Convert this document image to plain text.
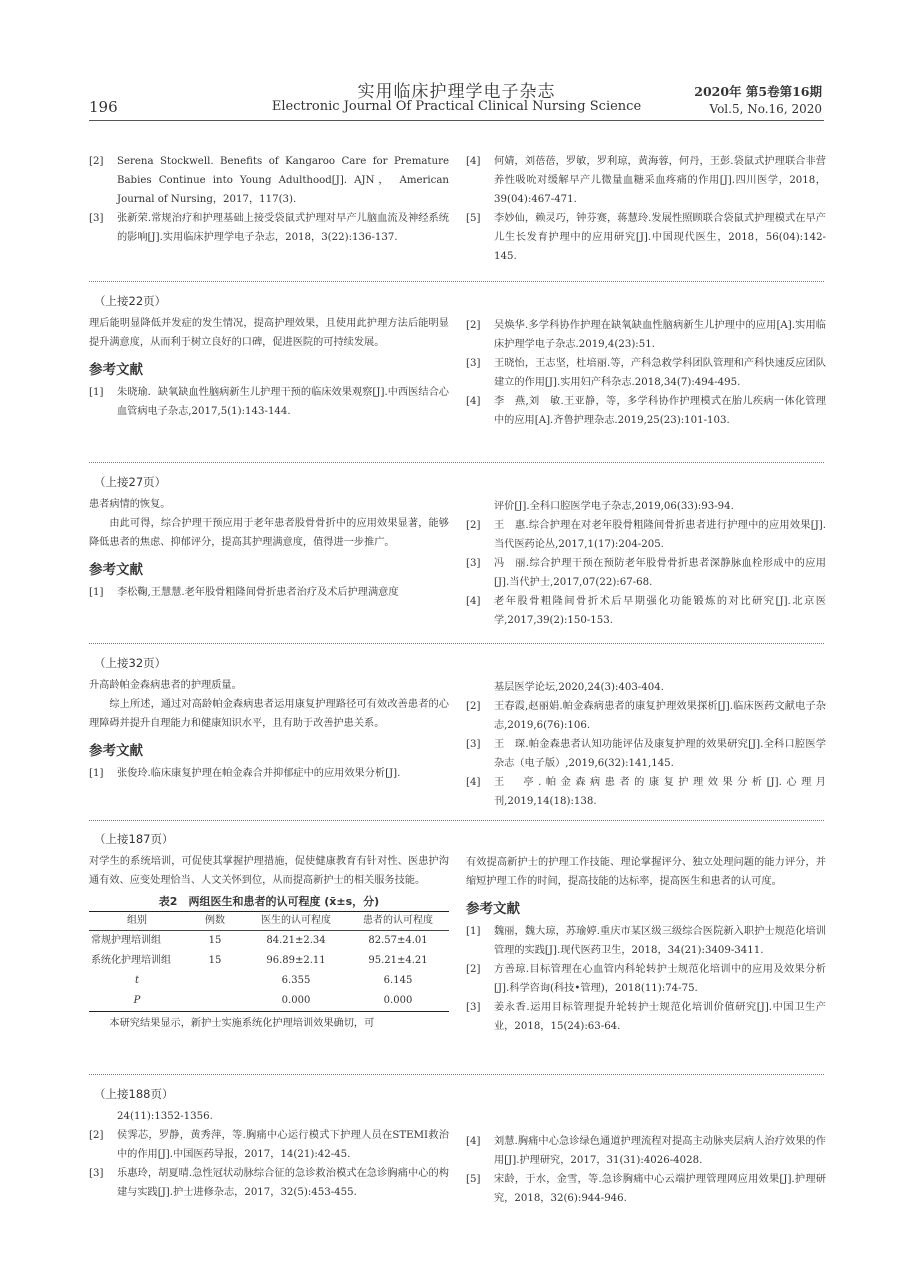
196
实用临床护理学电子杂志
Electronic Journal Of Practical Clinical Nursing Science
2020年 第5卷第16期
Vol.5, No.16, 2020
[2] Serena Stockwell. Benefits of Kangaroo Care for Premature Babies Continue into Young Adulthood[J]. AJN， American Journal of Nursing，2017，117(3).
[3] 张新荣.常规治疗和护理基础上接受袋鼠式护理对早产儿脑血流及神经系统的影响[J].实用临床护理学电子杂志，2018，3(22):136-137.
[4] 何婧，刘蓓蓓，罗敏，罗利琼，黄海蓉，何丹，王彭.袋鼠式护理联合非营养性吸吮对缓解早产儿微量血糖采血疼痛的作用[J].四川医学，2018，39(04):467-471.
[5] 李妙仙，赖灵巧，钟芬赛，蒋慧玲.发展性照顾联合袋鼠式护理模式在早产儿生长发育护理中的应用研究[J].中国现代医生，2018，56(04):142-145.
（上接22页）

理后能明显降低并发症的发生情况，提高护理效果，且使用此护理方法后能明显提升满意度，从而利于树立良好的口碑，促进医院的可持续发展。

参考文献
[1] 朱晓瑜．缺氧缺血性脑病新生儿护理干预的临床效果观察[J].中西医结合心血管病电子杂志,2017,5(1):143-144.
[2] 吴焕华.多学科协作护理在缺氧缺血性脑病新生儿护理中的应用[A].实用临床护理学电子杂志.2019,4(23):51.
[3] 王晓怡，王志坚，杜培丽.等，产科急救学科团队管理和产科快速反应团队建立的作用[J].实用妇产科杂志.2018,34(7):494-495.
[4] 李　燕,刘　敏.王亚静，等，多学科协作护理模式在胎儿疾病一体化管理中的应用[A].齐鲁护理杂志.2019,25(23):101-103.
（上接27页）

患者病情的恢复。

由此可得，综合护理干预应用于老年患者股骨骨折中的应用效果显著，能够降低患者的焦虑、抑郁评分，提高其护理满意度，值得进一步推广。

参考文献
[1] 李松鞠,王慧慧.老年股骨粗隆间骨折患者治疗及术后护理满意度

评价[J].全科口腔医学电子杂志,2019,06(33):93-94.

[2] 王　惠.综合护理在对老年股骨粗隆间骨折患者进行护理中的应用效果[J].当代医药论丛,2017,1(17):204-205.
[3] 冯　丽.综合护理干预在预防老年股骨骨折患者深静脉血栓形成中的应用[J].当代护士,2017,07(22):67-68.
[4] 老年股骨粗隆间骨折术后早期强化功能锻炼的对比研究[J].北京医学,2017,39(2):150-153.
（上接32页）

升高龄帕金森病患者的护理质量。

综上所述，通过对高龄帕金森病患者运用康复护理路径可有效改善患者的心理障碍并提升自理能力和健康知识水平，且有助于改善护患关系。

参考文献
[1] 张俊玲.临床康复护理在帕金森合并抑郁症中的应用效果分析[J].

基层医学论坛,2020,24(3):403-404.

[2] 王春霞,赵丽娟.帕金森病患者的康复护理效果探析[J].临床医药文献电子杂志,2019,6(76):106.
[3] 王　琛.帕金森患者认知功能评估及康复护理的效果研究[J].全科口腔医学杂志（电子版）,2019,6(32):141,145.
[4] 王　亭.帕金森病患者的康复护理效果分析[J].心理月刊,2019,14(18):138.
（上接187页）

对学生的系统培训，可促使其掌握护理措施，促使健康教育有针对性、医患护沟通有效、应变处理恰当、人文关怀到位，从而提高新护士的相关服务技能。

表2　两组医生和患者的认可程度 (x̄±s，分)
组别	例数	医生的认可程度	患者的认可程度
常规护理培训组	15	84.21±2.34	82.57±4.01
系统化护理培训组	15	96.89±2.11	95.21±4.21
t		6.355	6.145
P		0.000	0.000

本研究结果显示，新护士实施系统化护理培训效果确切，可

有效提高新护士的护理工作技能、理论掌握评分、独立处理问题的能力评分，并缩短护理工作的时间，提高技能的达标率，提高医生和患者的认可度。

参考文献
[1] 魏丽，魏大琼，苏瑜婷.重庆市某区级三级综合医院新入职护士规范化培训管理的实践[J].现代医药卫生，2018，34(21):3409-3411.
[2] 方善琼.目标管理在心血管内科轮转护士规范化培训中的应用及效果分析[J].科学咨询(科技•管理)，2018(11):74-75.
[3] 姜永香.运用目标管理提升轮转护士规范化培训价值研究[J].中国卫生产业，2018，15(24):63-64.
（上接188页）

24(11):1352-1356.

[2] 侯霁芯，罗静，黄秀萍，等.胸痛中心运行模式下护理人员在STEMI救治中的作用[J].中国医药导报，2017，14(21):42-45.
[3] 乐惠玲，胡夏晴.急性冠状动脉综合征的急诊救治模式在急诊胸痛中心的构建与实践[J].护士进修杂志，2017，32(5):453-455.
[4] 刘慧.胸痛中心急诊绿色通道护理流程对提高主动脉夹层病人治疗效果的作用[J].护理研究，2017，31(31):4026-4028.
[5] 宋龄，于水，金雪，等.急诊胸痛中心云端护理管理网应用效果[J].护理研究，2018，32(6):944-946.
